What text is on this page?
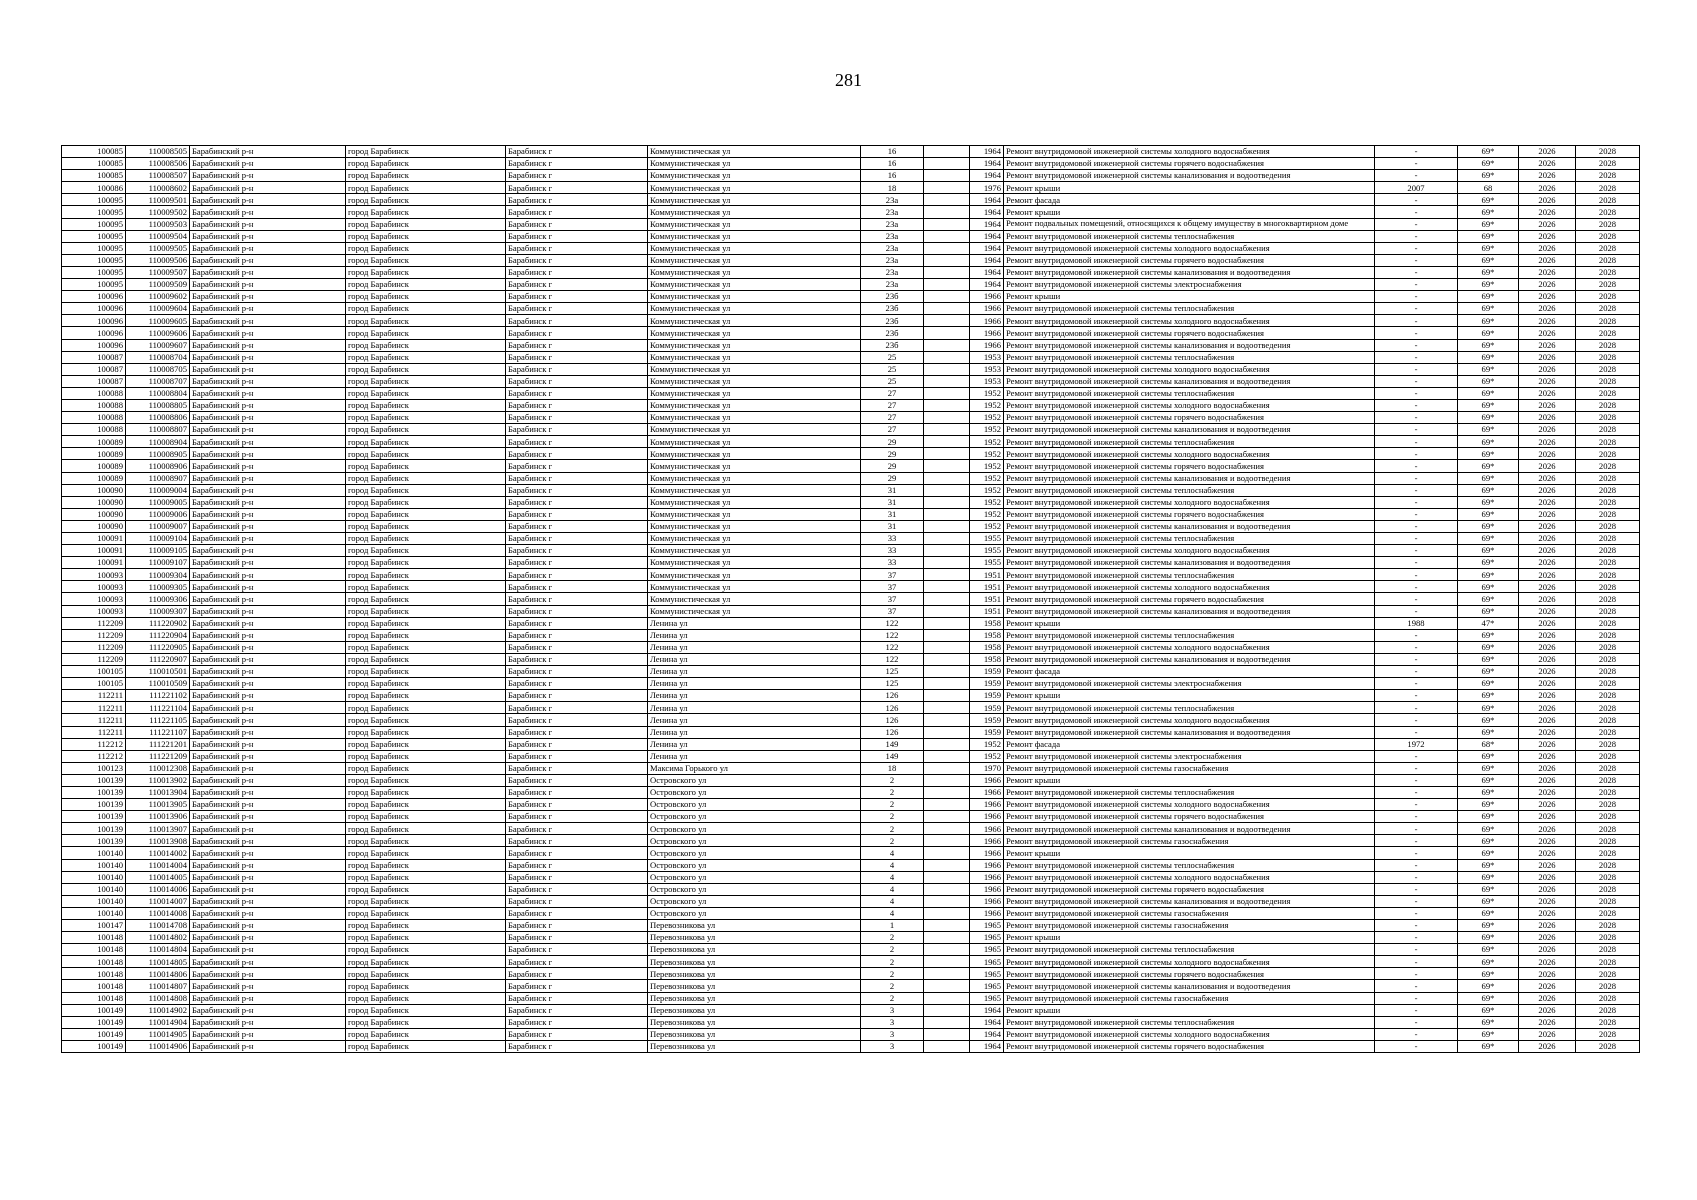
281
100085	110008505	Барабинский р-н	город Барабинск	Барабинск г	Коммунистическая ул	16		1964	Ремонт внутридомовой инженерной системы холодного водоснабжения	-	69*	2026	2028
100085	110008506	Барабинский р-н	город Барабинск	Барабинск г	Коммунистическая ул	16		1964	Ремонт внутридомовой инженерной системы горячего водоснабжения	-	69*	2026	2028
100085	110008507	Барабинский р-н	город Барабинск	Барабинск г	Коммунистическая ул	16		1964	Ремонт внутридомовой инженерной системы канализования и водоотведения	-	69*	2026	2028
100086	110008602	Барабинский р-н	город Барабинск	Барабинск г	Коммунистическая ул	18		1976	Ремонт крыши	2007	68	2026	2028
100095	110009501	Барабинский р-н	город Барабинск	Барабинск г	Коммунистическая ул	23а		1964	Ремонт фасада	-	69*	2026	2028
100095	110009502	Барабинский р-н	город Барабинск	Барабинск г	Коммунистическая ул	23а		1964	Ремонт крыши	-	69*	2026	2028
100095	110009503	Барабинский р-н	город Барабинск	Барабинск г	Коммунистическая ул	23а		1964	Ремонт подвальных помещений, относящихся к общему имуществу в многоквартирном доме	-	69*	2026	2028
100095	110009504	Барабинский р-н	город Барабинск	Барабинск г	Коммунистическая ул	23а		1964	Ремонт внутридомовой инженерной системы теплоснабжения	-	69*	2026	2028
100095	110009505	Барабинский р-н	город Барабинск	Барабинск г	Коммунистическая ул	23а		1964	Ремонт внутридомовой инженерной системы холодного водоснабжения	-	69*	2026	2028
100095	110009506	Барабинский р-н	город Барабинск	Барабинск г	Коммунистическая ул	23а		1964	Ремонт внутридомовой инженерной системы горячего водоснабжения	-	69*	2026	2028
100095	110009507	Барабинский р-н	город Барабинск	Барабинск г	Коммунистическая ул	23а		1964	Ремонт внутридомовой инженерной системы канализования и водоотведения	-	69*	2026	2028
100095	110009509	Барабинский р-н	город Барабинск	Барабинск г	Коммунистическая ул	23а		1964	Ремонт внутридомовой инженерной системы электроснабжения	-	69*	2026	2028
100096	110009602	Барабинский р-н	город Барабинск	Барабинск г	Коммунистическая ул	23б		1966	Ремонт крыши	-	69*	2026	2028
100096	110009604	Барабинский р-н	город Барабинск	Барабинск г	Коммунистическая ул	23б		1966	Ремонт внутридомовой инженерной системы теплоснабжения	-	69*	2026	2028
100096	110009605	Барабинский р-н	город Барабинск	Барабинск г	Коммунистическая ул	23б		1966	Ремонт внутридомовой инженерной системы холодного водоснабжения	-	69*	2026	2028
100096	110009606	Барабинский р-н	город Барабинск	Барабинск г	Коммунистическая ул	23б		1966	Ремонт внутридомовой инженерной системы горячего водоснабжения	-	69*	2026	2028
100096	110009607	Барабинский р-н	город Барабинск	Барабинск г	Коммунистическая ул	23б		1966	Ремонт внутридомовой инженерной системы канализования и водоотведения	-	69*	2026	2028
100087	110008704	Барабинский р-н	город Барабинск	Барабинск г	Коммунистическая ул	25		1953	Ремонт внутридомовой инженерной системы теплоснабжения	-	69*	2026	2028
100087	110008705	Барабинский р-н	город Барабинск	Барабинск г	Коммунистическая ул	25		1953	Ремонт внутридомовой инженерной системы холодного водоснабжения	-	69*	2026	2028
100087	110008707	Барабинский р-н	город Барабинск	Барабинск г	Коммунистическая ул	25		1953	Ремонт внутридомовой инженерной системы канализования и водоотведения	-	69*	2026	2028
100088	110008804	Барабинский р-н	город Барабинск	Барабинск г	Коммунистическая ул	27		1952	Ремонт внутридомовой инженерной системы теплоснабжения	-	69*	2026	2028
100088	110008805	Барабинский р-н	город Барабинск	Барабинск г	Коммунистическая ул	27		1952	Ремонт внутридомовой инженерной системы холодного водоснабжения	-	69*	2026	2028
100088	110008806	Барабинский р-н	город Барабинск	Барабинск г	Коммунистическая ул	27		1952	Ремонт внутридомовой инженерной системы горячего водоснабжения	-	69*	2026	2028
100088	110008807	Барабинский р-н	город Барабинск	Барабинск г	Коммунистическая ул	27		1952	Ремонт внутридомовой инженерной системы канализования и водоотведения	-	69*	2026	2028
100089	110008904	Барабинский р-н	город Барабинск	Барабинск г	Коммунистическая ул	29		1952	Ремонт внутридомовой инженерной системы теплоснабжения	-	69*	2026	2028
100089	110008905	Барабинский р-н	город Барабинск	Барабинск г	Коммунистическая ул	29		1952	Ремонт внутридомовой инженерной системы холодного водоснабжения	-	69*	2026	2028
100089	110008906	Барабинский р-н	город Барабинск	Барабинск г	Коммунистическая ул	29		1952	Ремонт внутридомовой инженерной системы горячего водоснабжения	-	69*	2026	2028
100089	110008907	Барабинский р-н	город Барабинск	Барабинск г	Коммунистическая ул	29		1952	Ремонт внутридомовой инженерной системы канализования и водоотведения	-	69*	2026	2028
100090	110009004	Барабинский р-н	город Барабинск	Барабинск г	Коммунистическая ул	31		1952	Ремонт внутридомовой инженерной системы теплоснабжения	-	69*	2026	2028
100090	110009005	Барабинский р-н	город Барабинск	Барабинск г	Коммунистическая ул	31		1952	Ремонт внутридомовой инженерной системы холодного водоснабжения	-	69*	2026	2028
100090	110009006	Барабинский р-н	город Барабинск	Барабинск г	Коммунистическая ул	31		1952	Ремонт внутридомовой инженерной системы горячего водоснабжения	-	69*	2026	2028
100090	110009007	Барабинский р-н	город Барабинск	Барабинск г	Коммунистическая ул	31		1952	Ремонт внутридомовой инженерной системы канализования и водоотведения	-	69*	2026	2028
100091	110009104	Барабинский р-н	город Барабинск	Барабинск г	Коммунистическая ул	33		1955	Ремонт внутридомовой инженерной системы теплоснабжения	-	69*	2026	2028
100091	110009105	Барабинский р-н	город Барабинск	Барабинск г	Коммунистическая ул	33		1955	Ремонт внутридомовой инженерной системы холодного водоснабжения	-	69*	2026	2028
100091	110009107	Барабинский р-н	город Барабинск	Барабинск г	Коммунистическая ул	33		1955	Ремонт внутридомовой инженерной системы канализования и водоотведения	-	69*	2026	2028
100093	110009304	Барабинский р-н	город Барабинск	Барабинск г	Коммунистическая ул	37		1951	Ремонт внутридомовой инженерной системы теплоснабжения	-	69*	2026	2028
100093	110009305	Барабинский р-н	город Барабинск	Барабинск г	Коммунистическая ул	37		1951	Ремонт внутридомовой инженерной системы холодного водоснабжения	-	69*	2026	2028
100093	110009306	Барабинский р-н	город Барабинск	Барабинск г	Коммунистическая ул	37		1951	Ремонт внутридомовой инженерной системы горячего водоснабжения	-	69*	2026	2028
100093	110009307	Барабинский р-н	город Барабинск	Барабинск г	Коммунистическая ул	37		1951	Ремонт внутридомовой инженерной системы канализования и водоотведения	-	69*	2026	2028
112209	111220902	Барабинский р-н	город Барабинск	Барабинск г	Ленина ул	122		1958	Ремонт крыши	1988	47*	2026	2028
112209	111220904	Барабинский р-н	город Барабинск	Барабинск г	Ленина ул	122		1958	Ремонт внутридомовой инженерной системы теплоснабжения	-	69*	2026	2028
112209	111220905	Барабинский р-н	город Барабинск	Барабинск г	Ленина ул	122		1958	Ремонт внутридомовой инженерной системы холодного водоснабжения	-	69*	2026	2028
112209	111220907	Барабинский р-н	город Барабинск	Барабинск г	Ленина ул	122		1958	Ремонт внутридомовой инженерной системы канализования и водоотведения	-	69*	2026	2028
100105	110010501	Барабинский р-н	город Барабинск	Барабинск г	Ленина ул	125		1959	Ремонт фасада	-	69*	2026	2028
100105	110010509	Барабинский р-н	город Барабинск	Барабинск г	Ленина ул	125		1959	Ремонт внутридомовой инженерной системы электроснабжения	-	69*	2026	2028
112211	111221102	Барабинский р-н	город Барабинск	Барабинск г	Ленина ул	126		1959	Ремонт крыши	-	69*	2026	2028
112211	111221104	Барабинский р-н	город Барабинск	Барабинск г	Ленина ул	126		1959	Ремонт внутридомовой инженерной системы теплоснабжения	-	69*	2026	2028
112211	111221105	Барабинский р-н	город Барабинск	Барабинск г	Ленина ул	126		1959	Ремонт внутридомовой инженерной системы холодного водоснабжения	-	69*	2026	2028
112211	111221107	Барабинский р-н	город Барабинск	Барабинск г	Ленина ул	126		1959	Ремонт внутридомовой инженерной системы канализования и водоотведения	-	69*	2026	2028
112212	111221201	Барабинский р-н	город Барабинск	Барабинск г	Ленина ул	149		1952	Ремонт фасада	1972	68*	2026	2028
112212	111221209	Барабинский р-н	город Барабинск	Барабинск г	Ленина ул	149		1952	Ремонт внутридомовой инженерной системы электроснабжения	-	69*	2026	2028
100123	110012308	Барабинский р-н	город Барабинск	Барабинск г	Максима Горького ул	18		1970	Ремонт внутридомовой инженерной системы газоснабжения	-	69*	2026	2028
100139	110013902	Барабинский р-н	город Барабинск	Барабинск г	Островского ул	2		1966	Ремонт крыши	-	69*	2026	2028
100139	110013904	Барабинский р-н	город Барабинск	Барабинск г	Островского ул	2		1966	Ремонт внутридомовой инженерной системы теплоснабжения	-	69*	2026	2028
100139	110013905	Барабинский р-н	город Барабинск	Барабинск г	Островского ул	2		1966	Ремонт внутридомовой инженерной системы холодного водоснабжения	-	69*	2026	2028
100139	110013906	Барабинский р-н	город Барабинск	Барабинск г	Островского ул	2		1966	Ремонт внутридомовой инженерной системы горячего водоснабжения	-	69*	2026	2028
100139	110013907	Барабинский р-н	город Барабинск	Барабинск г	Островского ул	2		1966	Ремонт внутридомовой инженерной системы канализования и водоотведения	-	69*	2026	2028
100139	110013908	Барабинский р-н	город Барабинск	Барабинск г	Островского ул	2		1966	Ремонт внутридомовой инженерной системы газоснабжения	-	69*	2026	2028
100140	110014002	Барабинский р-н	город Барабинск	Барабинск г	Островского ул	4		1966	Ремонт крыши	-	69*	2026	2028
100140	110014004	Барабинский р-н	город Барабинск	Барабинск г	Островского ул	4		1966	Ремонт внутридомовой инженерной системы теплоснабжения	-	69*	2026	2028
100140	110014005	Барабинский р-н	город Барабинск	Барабинск г	Островского ул	4		1966	Ремонт внутридомовой инженерной системы холодного водоснабжения	-	69*	2026	2028
100140	110014006	Барабинский р-н	город Барабинск	Барабинск г	Островского ул	4		1966	Ремонт внутридомовой инженерной системы горячего водоснабжения	-	69*	2026	2028
100140	110014007	Барабинский р-н	город Барабинск	Барабинск г	Островского ул	4		1966	Ремонт внутридомовой инженерной системы канализования и водоотведения	-	69*	2026	2028
100140	110014008	Барабинский р-н	город Барабинск	Барабинск г	Островского ул	4		1966	Ремонт внутридомовой инженерной системы газоснабжения	-	69*	2026	2028
100147	110014708	Барабинский р-н	город Барабинск	Барабинск г	Перевозникова ул	1		1965	Ремонт внутридомовой инженерной системы газоснабжения	-	69*	2026	2028
100148	110014802	Барабинский р-н	город Барабинск	Барабинск г	Перевозникова ул	2		1965	Ремонт крыши	-	69*	2026	2028
100148	110014804	Барабинский р-н	город Барабинск	Барабинск г	Перевозникова ул	2		1965	Ремонт внутридомовой инженерной системы теплоснабжения	-	69*	2026	2028
100148	110014805	Барабинский р-н	город Барабинск	Барабинск г	Перевозникова ул	2		1965	Ремонт внутридомовой инженерной системы холодного водоснабжения	-	69*	2026	2028
100148	110014806	Барабинский р-н	город Барабинск	Барабинск г	Перевозникова ул	2		1965	Ремонт внутридомовой инженерной системы горячего водоснабжения	-	69*	2026	2028
100148	110014807	Барабинский р-н	город Барабинск	Барабинск г	Перевозникова ул	2		1965	Ремонт внутридомовой инженерной системы канализования и водоотведения	-	69*	2026	2028
100148	110014808	Барабинский р-н	город Барабинск	Барабинск г	Перевозникова ул	2		1965	Ремонт внутридомовой инженерной системы газоснабжения	-	69*	2026	2028
100149	110014902	Барабинский р-н	город Барабинск	Барабинск г	Перевозникова ул	3		1964	Ремонт крыши	-	69*	2026	2028
100149	110014904	Барабинский р-н	город Барабинск	Барабинск г	Перевозникова ул	3		1964	Ремонт внутридомовой инженерной системы теплоснабжения	-	69*	2026	2028
100149	110014905	Барабинский р-н	город Барабинск	Барабинск г	Перевозникова ул	3		1964	Ремонт внутридомовой инженерной системы холодного водоснабжения	-	69*	2026	2028
100149	110014906	Барабинский р-н	город Барабинск	Барабинск г	Перевозникова ул	3		1964	Ремонт внутридомовой инженерной системы горячего водоснабжения	-	69*	2026	2028
